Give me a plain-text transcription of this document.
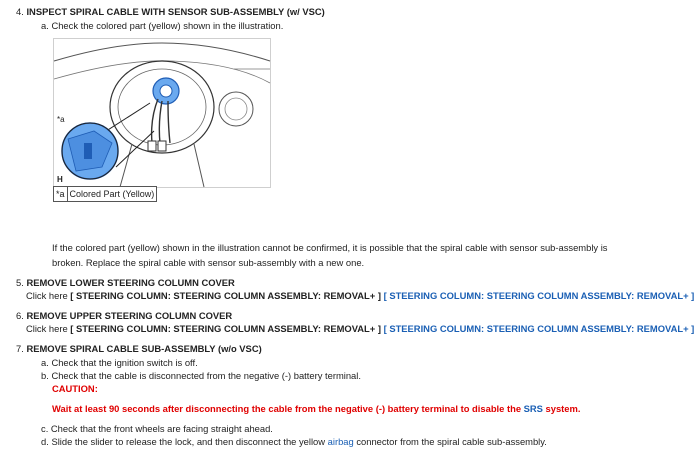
4. INSPECT SPIRAL CABLE WITH SENSOR SUB-ASSEMBLY (w/ VSC)
a. Check the colored part (yellow) shown in the illustration.
*a
H
*a Colored Part (Yellow)
If the colored part (yellow) shown in the illustration cannot be confirmed, it is possible that the spiral cable with sensor sub-assembly is
broken. Replace the spiral cable with sensor sub-assembly with a new one.
5. REMOVE LOWER STEERING COLUMN COVER
Click here [ STEERING COLUMN: STEERING COLUMN ASSEMBLY: REMOVAL+ ] [ STEERING COLUMN: STEERING COLUMN ASSEMBLY: REMOVAL+ ]
6. REMOVE UPPER STEERING COLUMN COVER
Click here [ STEERING COLUMN: STEERING COLUMN ASSEMBLY: REMOVAL+ ] [ STEERING COLUMN: STEERING COLUMN ASSEMBLY: REMOVAL+ ]
7. REMOVE SPIRAL CABLE SUB-ASSEMBLY (w/o VSC)
a. Check that the ignition switch is off.
b. Check that the cable is disconnected from the negative (-) battery terminal.
CAUTION:
Wait at least 90 seconds after disconnecting the cable from the negative (-) battery terminal to disable the SRS system.
c. Check that the front wheels are facing straight ahead.
d. Slide the slider to release the lock, and then disconnect the yellow airbag connector from the spiral cable sub-assembly.
